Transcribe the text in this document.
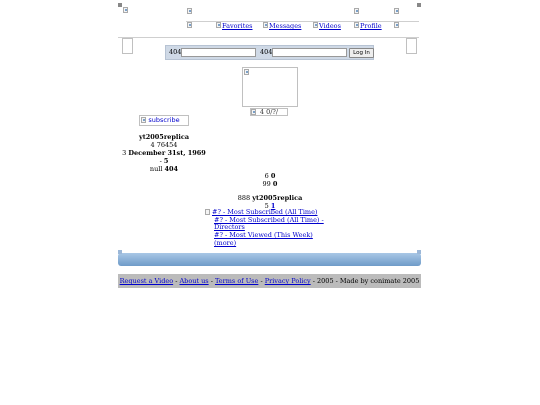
Favorites	Messages	Videos	Profile
404	404	Log In
4 0/?/
subscribe
yt2005replica
4 76454
3 December 31st, 1969
- 5
null 404
6 0
99 0
888 yt2005replica
5 1
#? - Most Subscribed (All Time)
#? - Most Subscribed (All Time) - Directors
#? - Most Viewed (This Week)
(more)
Request a Video - About us - Terms of Use - Privacy Policy - 2005 - Made by conimate 2005
